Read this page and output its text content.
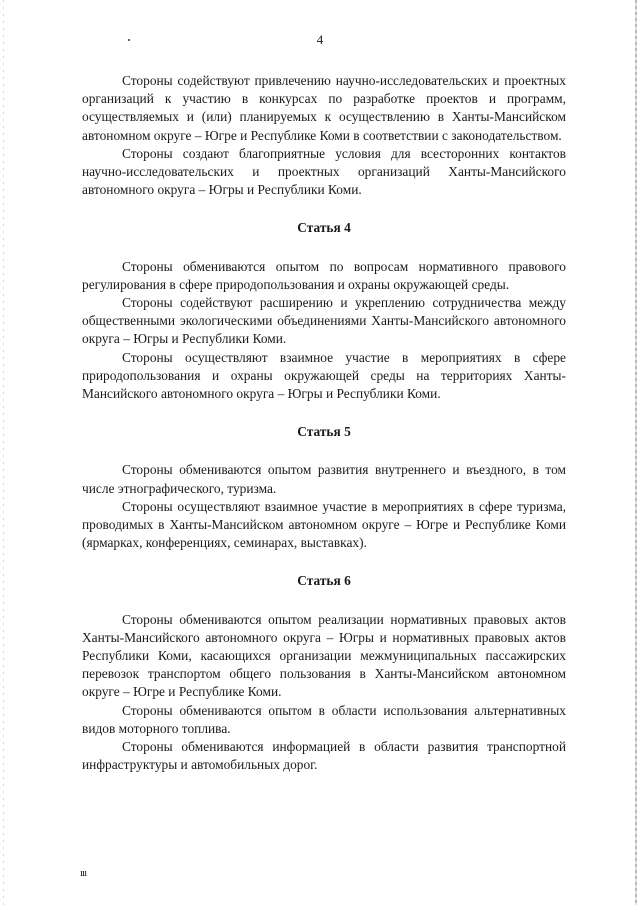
4

Стороны содействуют привлечению научно-исследовательских и проектных организаций к участию в конкурсах по разработке проектов и программ, осуществляемых и (или) планируемых к осуществлению в Ханты-Мансийском автономном округе – Югре и Республике Коми в соответствии с законодательством.

Стороны создают благоприятные условия для всесторонних контактов научно-исследовательских и проектных организаций Ханты-Мансийского автономного округа – Югры и Республики Коми.

Статья 4

Стороны обмениваются опытом по вопросам нормативного правового регулирования в сфере природопользования и охраны окружающей среды.

Стороны содействуют расширению и укреплению сотрудничества между общественными экологическими объединениями Ханты-Мансийского автономного округа – Югры и Республики Коми.

Стороны осуществляют взаимное участие в мероприятиях в сфере природопользования и охраны окружающей среды на территориях Ханты-Мансийского автономного округа – Югры и Республики Коми.

Статья 5

Стороны обмениваются опытом развития внутреннего и въездного, в том числе этнографического, туризма.

Стороны осуществляют взаимное участие в мероприятиях в сфере туризма, проводимых в Ханты-Мансийском автономном округе – Югре и Республике Коми (ярмарках, конференциях, семинарах, выставках).

Статья 6

Стороны обмениваются опытом реализации нормативных правовых актов Ханты-Мансийского автономного округа – Югры и нормативных правовых актов Республики Коми, касающихся организации межмуниципальных пассажирских перевозок транспортом общего пользования в Ханты-Мансийском автономном округе – Югре и Республике Коми.

Стороны обмениваются опытом в области использования альтернативных видов моторного топлива.

Стороны обмениваются информацией в области развития транспортной инфраструктуры и автомобильных дорог.

ııı
